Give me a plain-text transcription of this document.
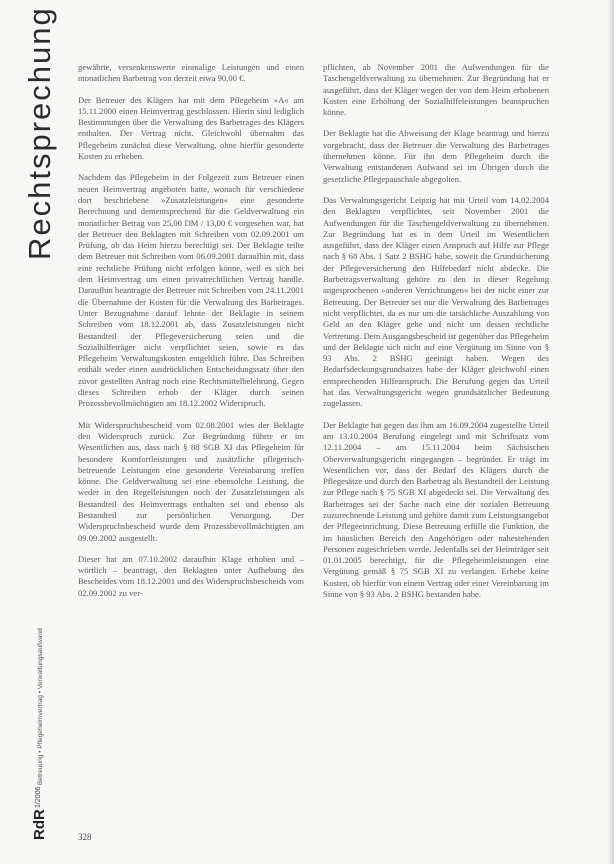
Rechtsprechung
RdR
1/2006
Betreuung • Pflegeheimvertrag • Verwaltungsaufwand

gewährte, versenkenswerte einmalige Leistungen und einen monatlichen Barbetrag von derzeit etwa 90,00 €.

Der Betreuer des Klägers hat mit dem Pflegeheim »A« am 15.11.2000 einen Heimvertrag geschlossen. Hierin sind lediglich Bestimmungen über die Verwaltung des Barbetrages des Klägers enthalten. Der Vertrag nicht. Gleichwohl übernahm das Pflegeheim zunächst diese Verwaltung, ohne hierfür gesonderte Kosten zu erheben.

Nachdem das Pflegeheim in der Folgezeit zum Betreuer einen neuen Heimvertrag angeboten hatte, wonach für verschiedene dort beschriebene »Zusatzleistungen« eine gesonderte Berechnung und dementsprechend für die Geldverwaltung ein monatlicher Betrag von 25,00 DM / 13,00 € vorgesehen war, bat der Betreuer den Beklagten mit Schreiben vom 02.09.2001 um Prüfung, ob das Heim hierzu berechtigt sei. Der Beklagte teilte dem Betreuer mit Schreiben vom 06.09.2001 daraufhin mit, dass eine rechtliche Prüfung nicht erfolgen könne, weil es sich bei dem Heimvertrag um einen privatrechtlichen Vertrag handle. Daraufhin beantragte der Betreuer mit Schreiben vom 24.11.2001 die Übernahme der Kosten für die Verwaltung des Barbetrages. Unter Bezugnahme darauf lehnte der Beklagte in seinem Schreiben vom 18.12.2001 ab, dass Zusatzleistungen nicht Bestandteil der Pflegeversicherung seien und die Sozialhilfeträger nicht verpflichtet seien, sowie es das Pflegeheim Verwaltungskosten entgeltlich führe. Das Schreiben enthält weder einen ausdrücklichen Entscheidungssatz über den zuvor gestellten Antrag noch eine Rechtsmittelbelehrung. Gegen dieses Schreiben erhob der Kläger durch seinen Prozessbevollmächtigten am 18.12.2002 Widerspruch.

Mit Widerspruchsbescheid vom 02.08.2001 wies der Beklagte den Widerspruch zurück. Zur Begründung führte er im Wesentlichen aus, dass nach § 88 SGB XI das Pflegeheim für besondere Komfortleistungen und zusätzliche pflegerisch-betreuende Leistungen eine gesonderte Vereinbarung treffen könne. Die Geldverwaltung sei eine ebensolche Leistung, die weder in den Regelleistungen noch der Zusatzleistungen als Bestandteil des Heimvertrags enthalten sei und ebenso als Bestandteil zur persönlichen Versorgung. Der Widerspruchsbescheid wurde dem Prozessbevollmächtigten am 09.09.2002 ausgestellt.

Dieser hat am 07.10.2002 daraufhin Klage erhoben und – wörtlich – beantragt, den Beklagten unter Aufhebung des Bescheides vom 18.12.2001 und des Widerspruchsbescheids vom 02.09.2002 zu ver-

pflichten, ab November 2001 die Aufwendungen für die Taschengeldverwaltung zu übernehmen. Zur Begründung hat er ausgeführt, dass der Kläger wegen der von dem Heim erhobenen Kosten eine Erhöhung der Sozialhilfeleistungen beanspruchen könne.

Der Beklagte hat die Abweisung der Klage beantragt und hierzu vorgebracht, dass der Betreuer die Verwaltung des Barbetrages übernehmen könne. Für ihn dem Pflegeheim durch die Verwaltung entstandenen Aufwand sei im Übrigen durch die gesetzliche Pflegepauschale abgegolten.

Das Verwaltungsgericht Leipzig hat mit Urteil vom 14.02.2004 den Beklagten verpflichtet, seit November 2001 die Aufwendungen für die Taschengeldverwaltung zu übernehmen. Zur Begründung hat es in dem Urteil im Wesentlichen ausgeführt, dass der Kläger einen Anspruch auf Hilfe zur Pflege nach § 68 Abs. 1 Satz 2 BSHG habe, soweit die Grundsicherung der Pflegeversicherung den Hilfebedarf nicht abdecke. Die Barbetragsverwaltung gehöre zu den in dieser Regelung angesprochenen »anderen Verrichtungen« bei der nicht einer zur Betreuung. Der Betreuer sei nur die Verwaltung des Barbetrages nicht verpflichtet, da es nur um die tatsächliche Auszahlung von Geld an den Kläger gehe und nicht um dessen rechtliche Vertretung. Dem Ausgangsbescheid ist gegenüber das Pflegeheim und der Beklagte sich nicht auf eine Vergütung im Sinne von § 93 Abs. 2 BSHG geeinigt haben. Wegen des Bedarfsdeckungsgrundsatzes habe der Kläger gleichwohl einen entsprechenden Hilfeanspruch. Die Berufung gegen das Urteil hat das Verwaltungsgericht wegen grundsätzlicher Bedeutung zugelassen.

Der Beklagte hat gegen das ihm am 16.09.2004 zugestellte Urteil am 13.10.2004 Berufung eingelegt und mit Schriftsatz vom 12.11.2004 – am 15.11.2004 beim Sächsischen Oberverwaltungsgericht eingegangen – begründet. Er trägt im Wesentlichen vor, dass der Bedarf des Klägers durch die Pflegesätze und durch den Barbetrag als Bestandteil der Leistung zur Pflege nach § 75 SGB XI abgedeckt sei. Die Verwaltung des Barbetrages sei der Sache nach eine der sozialen Betreuung zuzurechnende Leistung und gehöre damit zum Leistungsangebot der Pflegeeinrichtung. Diese Betreuung erfülle die Funktion, die im häuslichen Bereich den Angehörigen oder nahestehenden Personen zugeschrieben werde. Jedenfalls sei der Heimträger seit 01.01.2005 berechtigt, für die Pflegeheimleistungen eine Vergütung gemäß § 75 SGB XI zu verlangen. Erhebe keine Kosten, ob hierfür von einem Vertrag oder einer Vereinbarung im Sinne von § 93 Abs. 2 BSHG bestanden habe.

328
